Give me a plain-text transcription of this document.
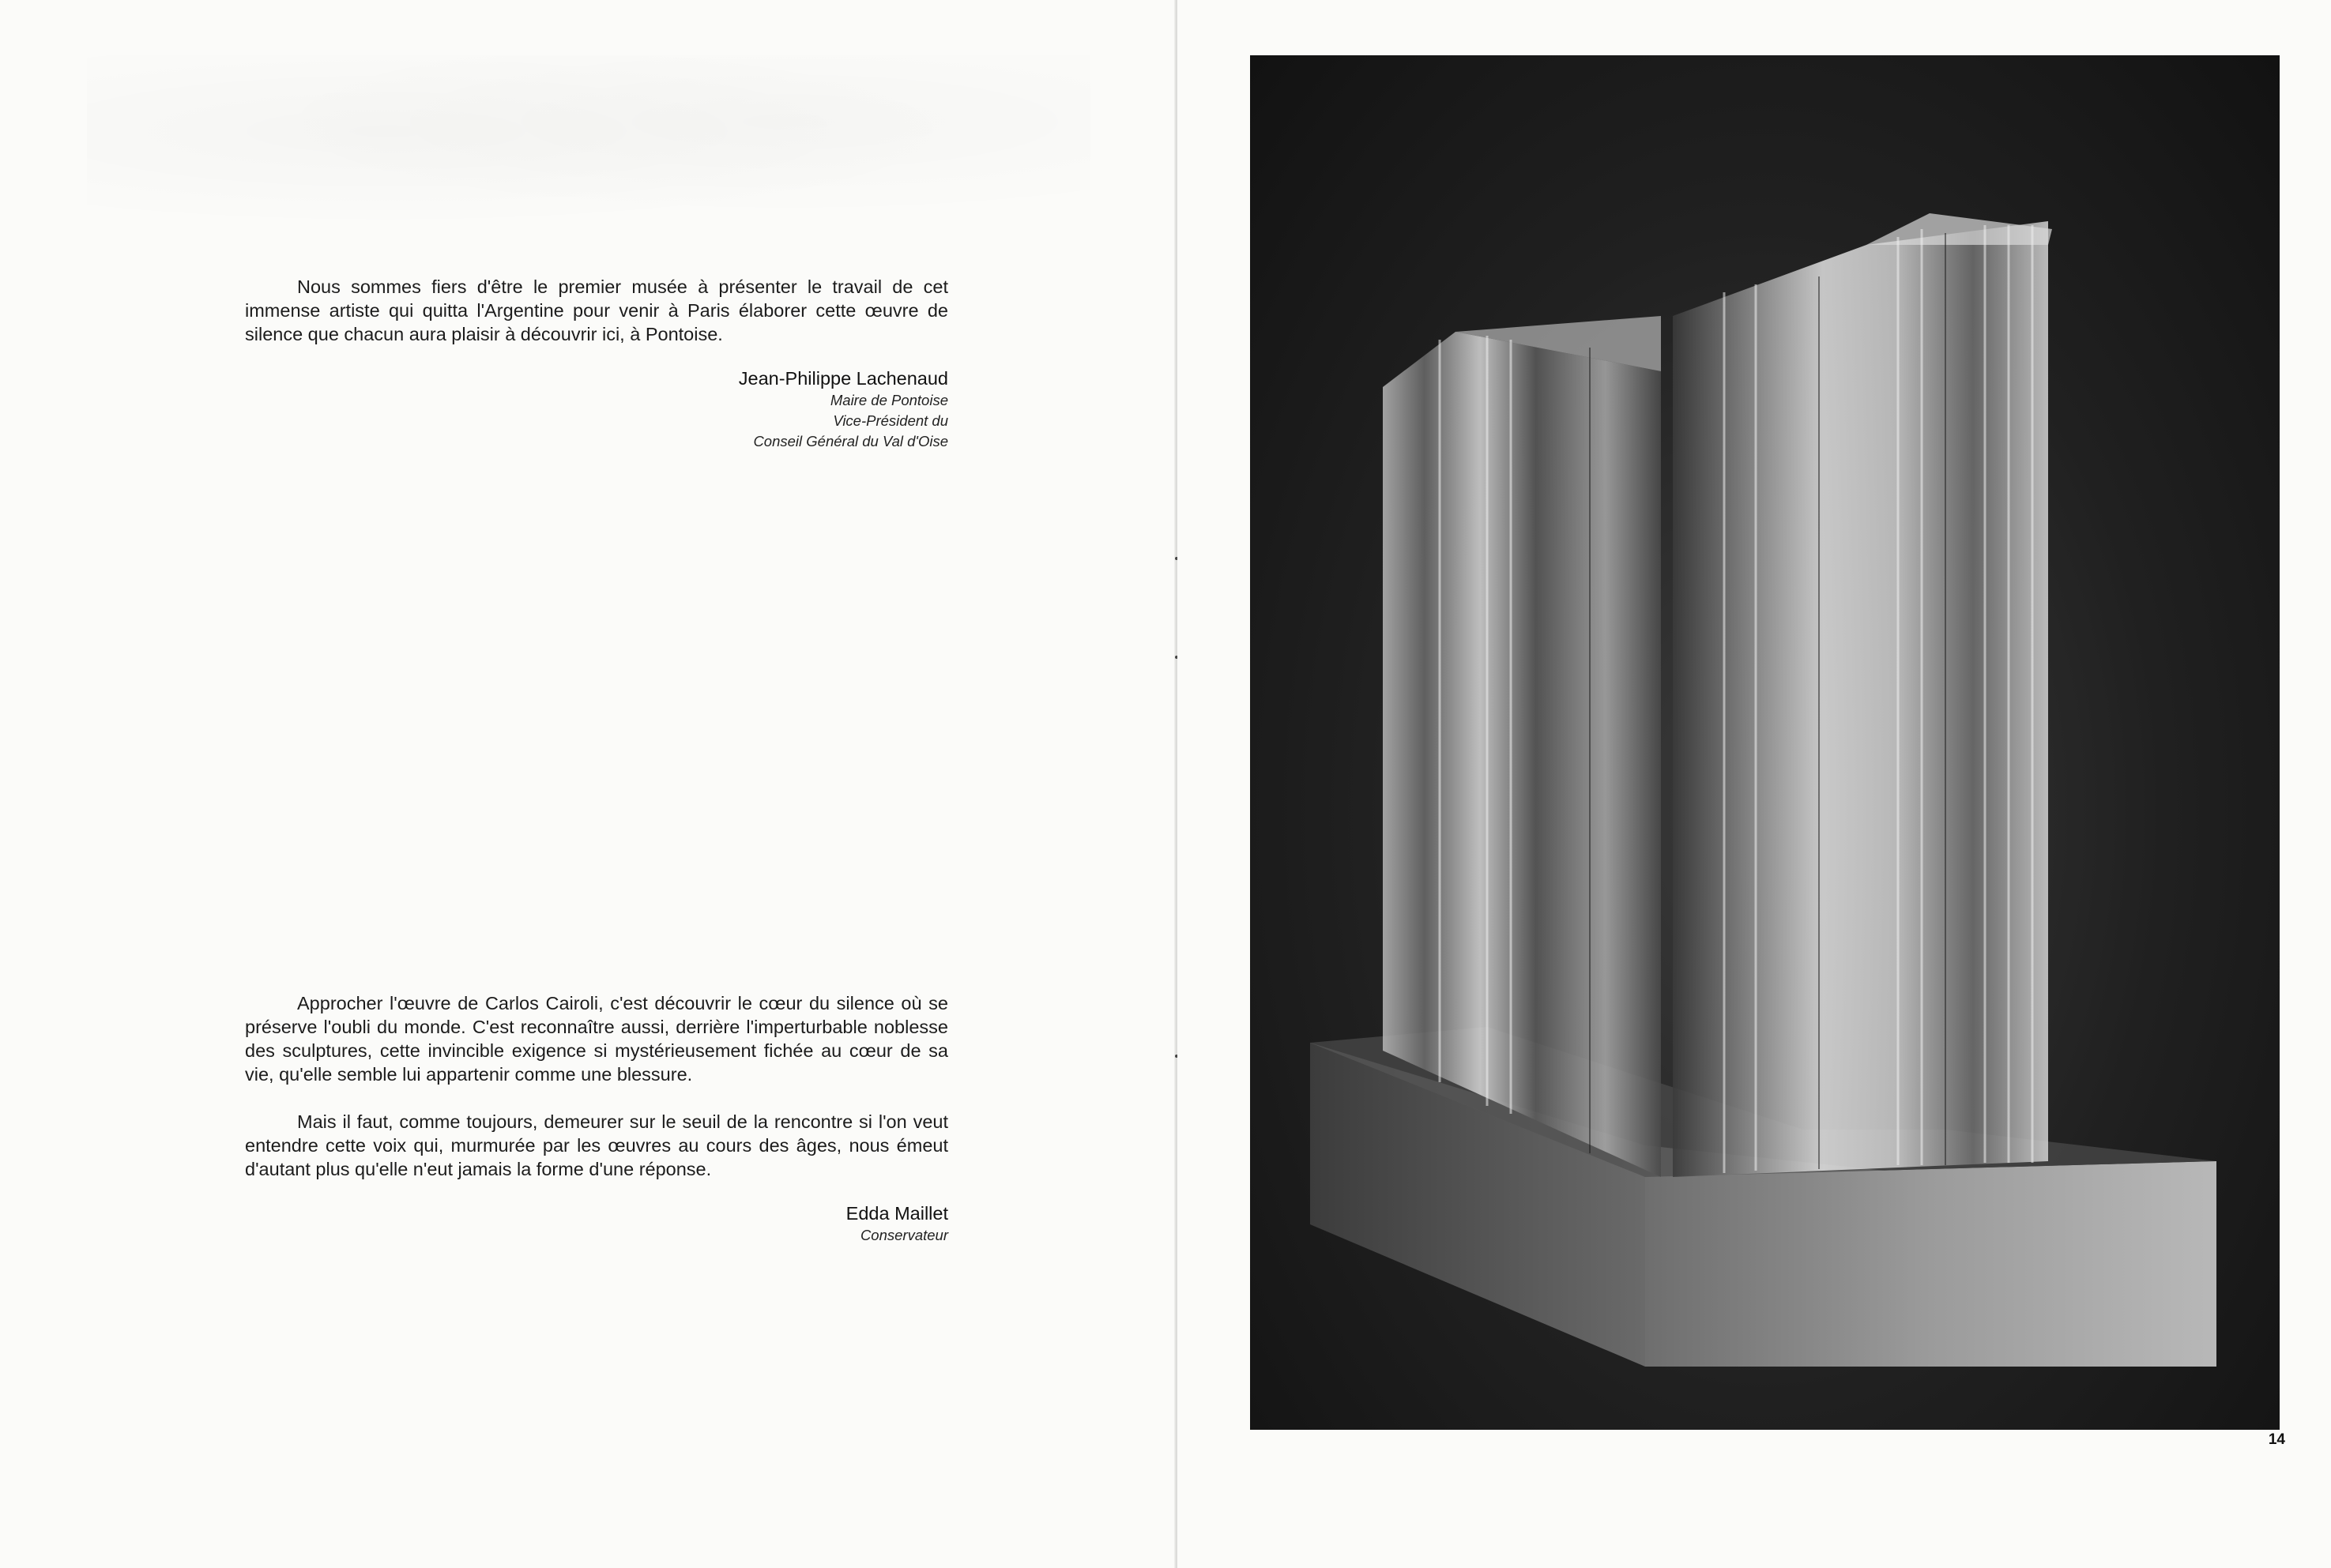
Nous sommes fiers d'être le premier musée à présenter le travail de cet immense artiste qui quitta l'Argentine pour venir à Paris élaborer cette œuvre de silence que chacun aura plaisir à découvrir ici, à Pontoise.

Jean-Philippe Lachenaud
Maire de Pontoise
Vice-Président du
Conseil Général du Val d'Oise

Approcher l'œuvre de Carlos Cairoli, c'est découvrir le cœur du silence où se préserve l'oubli du monde. C'est reconnaître aussi, derrière l'imperturbable noblesse des sculptures, cette invincible exigence si mystérieusement fichée au cœur de sa vie, qu'elle semble lui appartenir comme une blessure.

Mais il faut, comme toujours, demeurer sur le seuil de la rencontre si l'on veut entendre cette voix qui, murmurée par les œuvres au cours des âges, nous émeut d'autant plus qu'elle n'eut jamais la forme d'une réponse.

Edda Maillet
Conservateur
14
